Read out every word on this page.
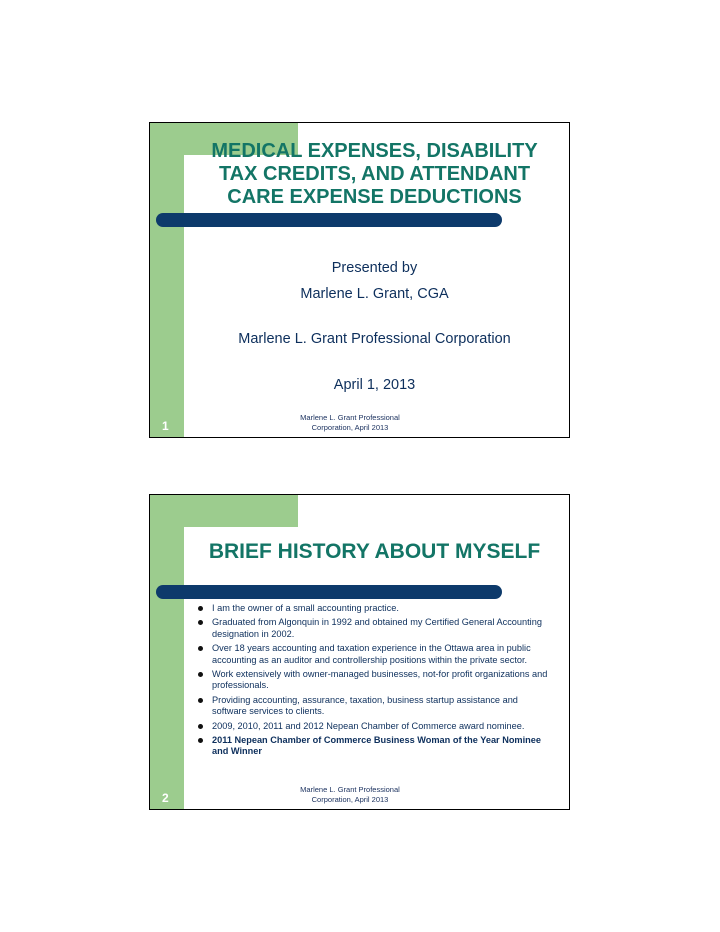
MEDICAL EXPENSES, DISABILITY
TAX CREDITS, AND ATTENDANT
CARE EXPENSE DEDUCTIONS
Presented by
Marlene L. Grant, CGA
Marlene L. Grant Professional Corporation
April 1, 2013
Marlene L. Grant Professional
Corporation, April 2013
1
BRIEF HISTORY ABOUT MYSELF
I am the owner of a small accounting practice.
Graduated from Algonquin in 1992 and obtained my Certified General Accounting designation in 2002.
Over 18 years accounting and taxation experience in the Ottawa area in public accounting as an auditor and controllership positions within the private sector.
Work extensively with owner-managed businesses, not-for profit organizations and professionals.
Providing accounting, assurance, taxation, business startup assistance and software services to clients.
2009, 2010, 2011 and 2012 Nepean Chamber of Commerce award nominee.
2011 Nepean Chamber of Commerce Business Woman of the Year Nominee and Winner
Marlene L. Grant Professional
Corporation, April 2013
2
